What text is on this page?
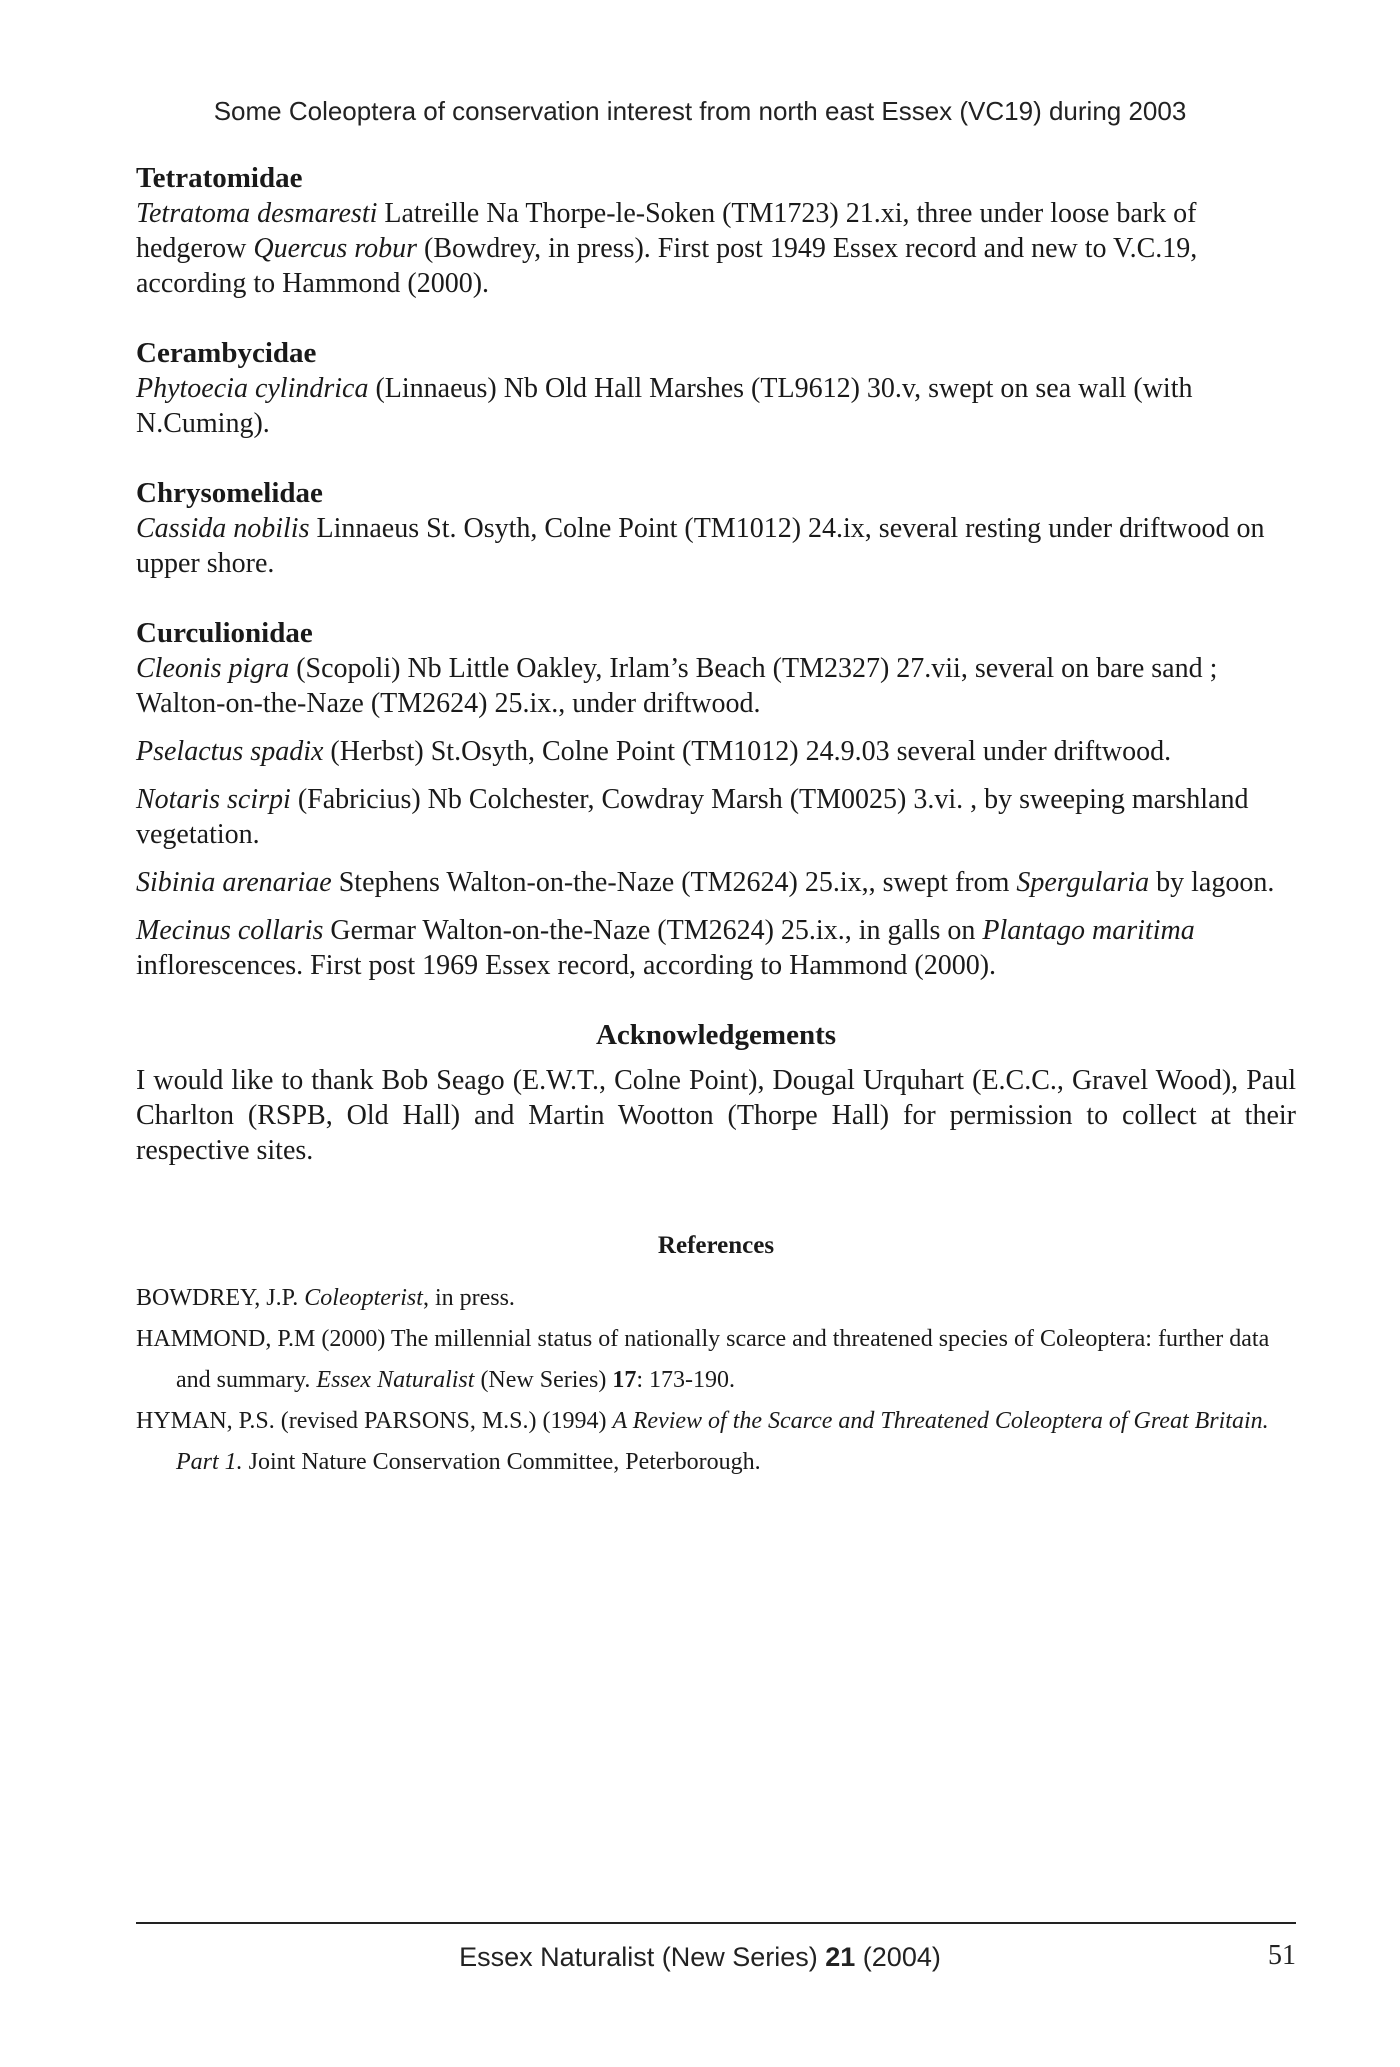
Some Coleoptera of conservation interest from north east Essex (VC19) during 2003
Tetratomidae

Tetratoma desmaresti Latreille Na Thorpe-le-Soken (TM1723) 21.xi, three under loose bark of hedgerow Quercus robur (Bowdrey, in press). First post 1949 Essex record and new to V.C.19, according to Hammond (2000).

Cerambycidae

Phytoecia cylindrica (Linnaeus) Nb Old Hall Marshes (TL9612) 30.v, swept on sea wall (with N.Cuming).

Chrysomelidae

Cassida nobilis Linnaeus St. Osyth, Colne Point (TM1012) 24.ix, several resting under driftwood on upper shore.

Curculionidae

Cleonis pigra (Scopoli) Nb Little Oakley, Irlam’s Beach (TM2327) 27.vii, several on bare sand ; Walton-on-the-Naze (TM2624) 25.ix., under driftwood.

Pselactus spadix (Herbst) St.Osyth, Colne Point (TM1012) 24.9.03 several under driftwood.

Notaris scirpi (Fabricius) Nb Colchester, Cowdray Marsh (TM0025) 3.vi. , by sweeping marshland vegetation.

Sibinia arenariae Stephens Walton-on-the-Naze (TM2624) 25.ix,, swept from Spergularia by lagoon.

Mecinus collaris Germar Walton-on-the-Naze (TM2624) 25.ix., in galls on Plantago maritima inflorescences. First post 1969 Essex record, according to Hammond (2000).

Acknowledgements

I would like to thank Bob Seago (E.W.T., Colne Point), Dougal Urquhart (E.C.C., Gravel Wood), Paul Charlton (RSPB, Old Hall) and Martin Wootton (Thorpe Hall) for permission to collect at their respective sites.

References

BOWDREY, J.P. Coleopterist, in press.

HAMMOND, P.M (2000) The millennial status of nationally scarce and threatened species of Coleoptera: further data and summary. Essex Naturalist (New Series) 17: 173-190.

HYMAN, P.S. (revised PARSONS, M.S.) (1994) A Review of the Scarce and Threatened Coleoptera of Great Britain. Part 1. Joint Nature Conservation Committee, Peterborough.

Essex Naturalist (New Series) 21 (2004)	51
